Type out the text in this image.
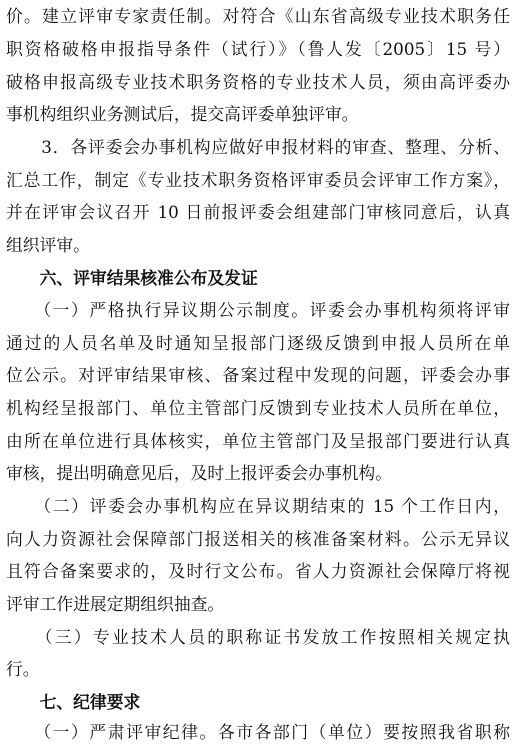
价。建立评审专家责任制。对符合《山东省高级专业技术职务任
职资格破格申报指导条件（试行）》（鲁人发〔2005〕15 号）
破格申报高级专业技术职务资格的专业技术人员，须由高评委办
事机构组织业务测试后，提交高评委单独评审。
　　3．各评委会办事机构应做好申报材料的审查、整理、分析、
汇总工作，制定《专业技术职务资格评审委员会评审工作方案》，
并在评审会议召开 10 日前报评委会组建部门审核同意后，认真
组织评审。
　　六、评审结果核准公布及发证
　　（一）严格执行异议期公示制度。评委会办事机构须将评审
通过的人员名单及时通知呈报部门逐级反馈到申报人员所在单
位公示。对评审结果审核、备案过程中发现的问题，评委会办事
机构经呈报部门、单位主管部门反馈到专业技术人员所在单位，
由所在单位进行具体核实，单位主管部门及呈报部门要进行认真
审核，提出明确意见后，及时上报评委会办事机构。
　　（二）评委会办事机构应在异议期结束的 15 个工作日内，
向人力资源社会保障部门报送相关的核准备案材料。公示无异议
且符合备案要求的，及时行文公布。省人力资源社会保障厅将视
评审工作进展定期组织抽查。
　　（三）专业技术人员的职称证书发放工作按照相关规定执
行。
　　七、纪律要求
　　（一）严肃评审纪律。各市各部门（单位）要按照我省职称
